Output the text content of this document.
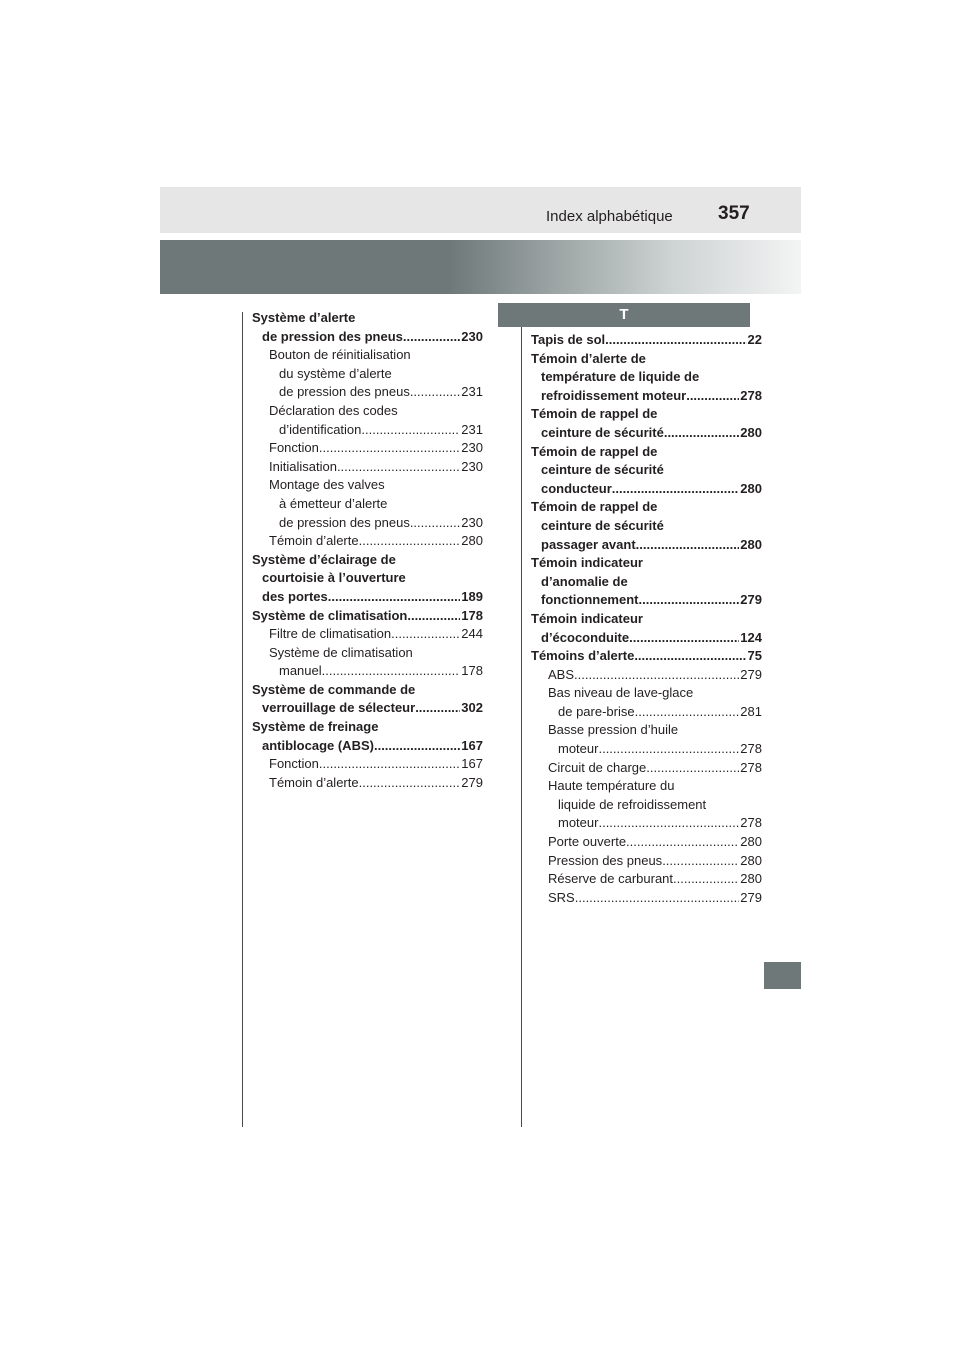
Index alphabétique 357
Système d’alerte
de pression des pneus .....	230
Bouton de réinitialisation
du système d’alerte
de pression des pneus .....	231
Déclaration des codes
d’identification .....	231
Fonction .....	230
Initialisation .....	230
Montage des valves
à émetteur d’alerte
de pression des pneus .....	230
Témoin d’alerte .....	280
Système d’éclairage de
courtoisie à l’ouverture
des portes .....	189
Système de climatisation .....	178
Filtre de climatisation .....	244
Système de climatisation
manuel .....	178
Système de commande de
verrouillage de sélecteur .....	302
Système de freinage
antiblocage (ABS) .....	167
Fonction .....	167
Témoin d’alerte .....	279
T
Tapis de sol .....	22
Témoin d’alerte de
température de liquide de
refroidissement moteur .....	278
Témoin de rappel de
ceinture de sécurité .....	280
Témoin de rappel de
ceinture de sécurité
conducteur .....	280
Témoin de rappel de
ceinture de sécurité
passager avant .....	280
Témoin indicateur
d’anomalie de
fonctionnement .....	279
Témoin indicateur
d’écoconduite .....	124
Témoins d’alerte .....	75
ABS .....	279
Bas niveau de lave-glace
de pare-brise .....	281
Basse pression d’huile
moteur .....	278
Circuit de charge .....	278
Haute température du
liquide de refroidissement
moteur .....	278
Porte ouverte .....	280
Pression des pneus .....	280
Réserve de carburant .....	280
SRS .....	279
